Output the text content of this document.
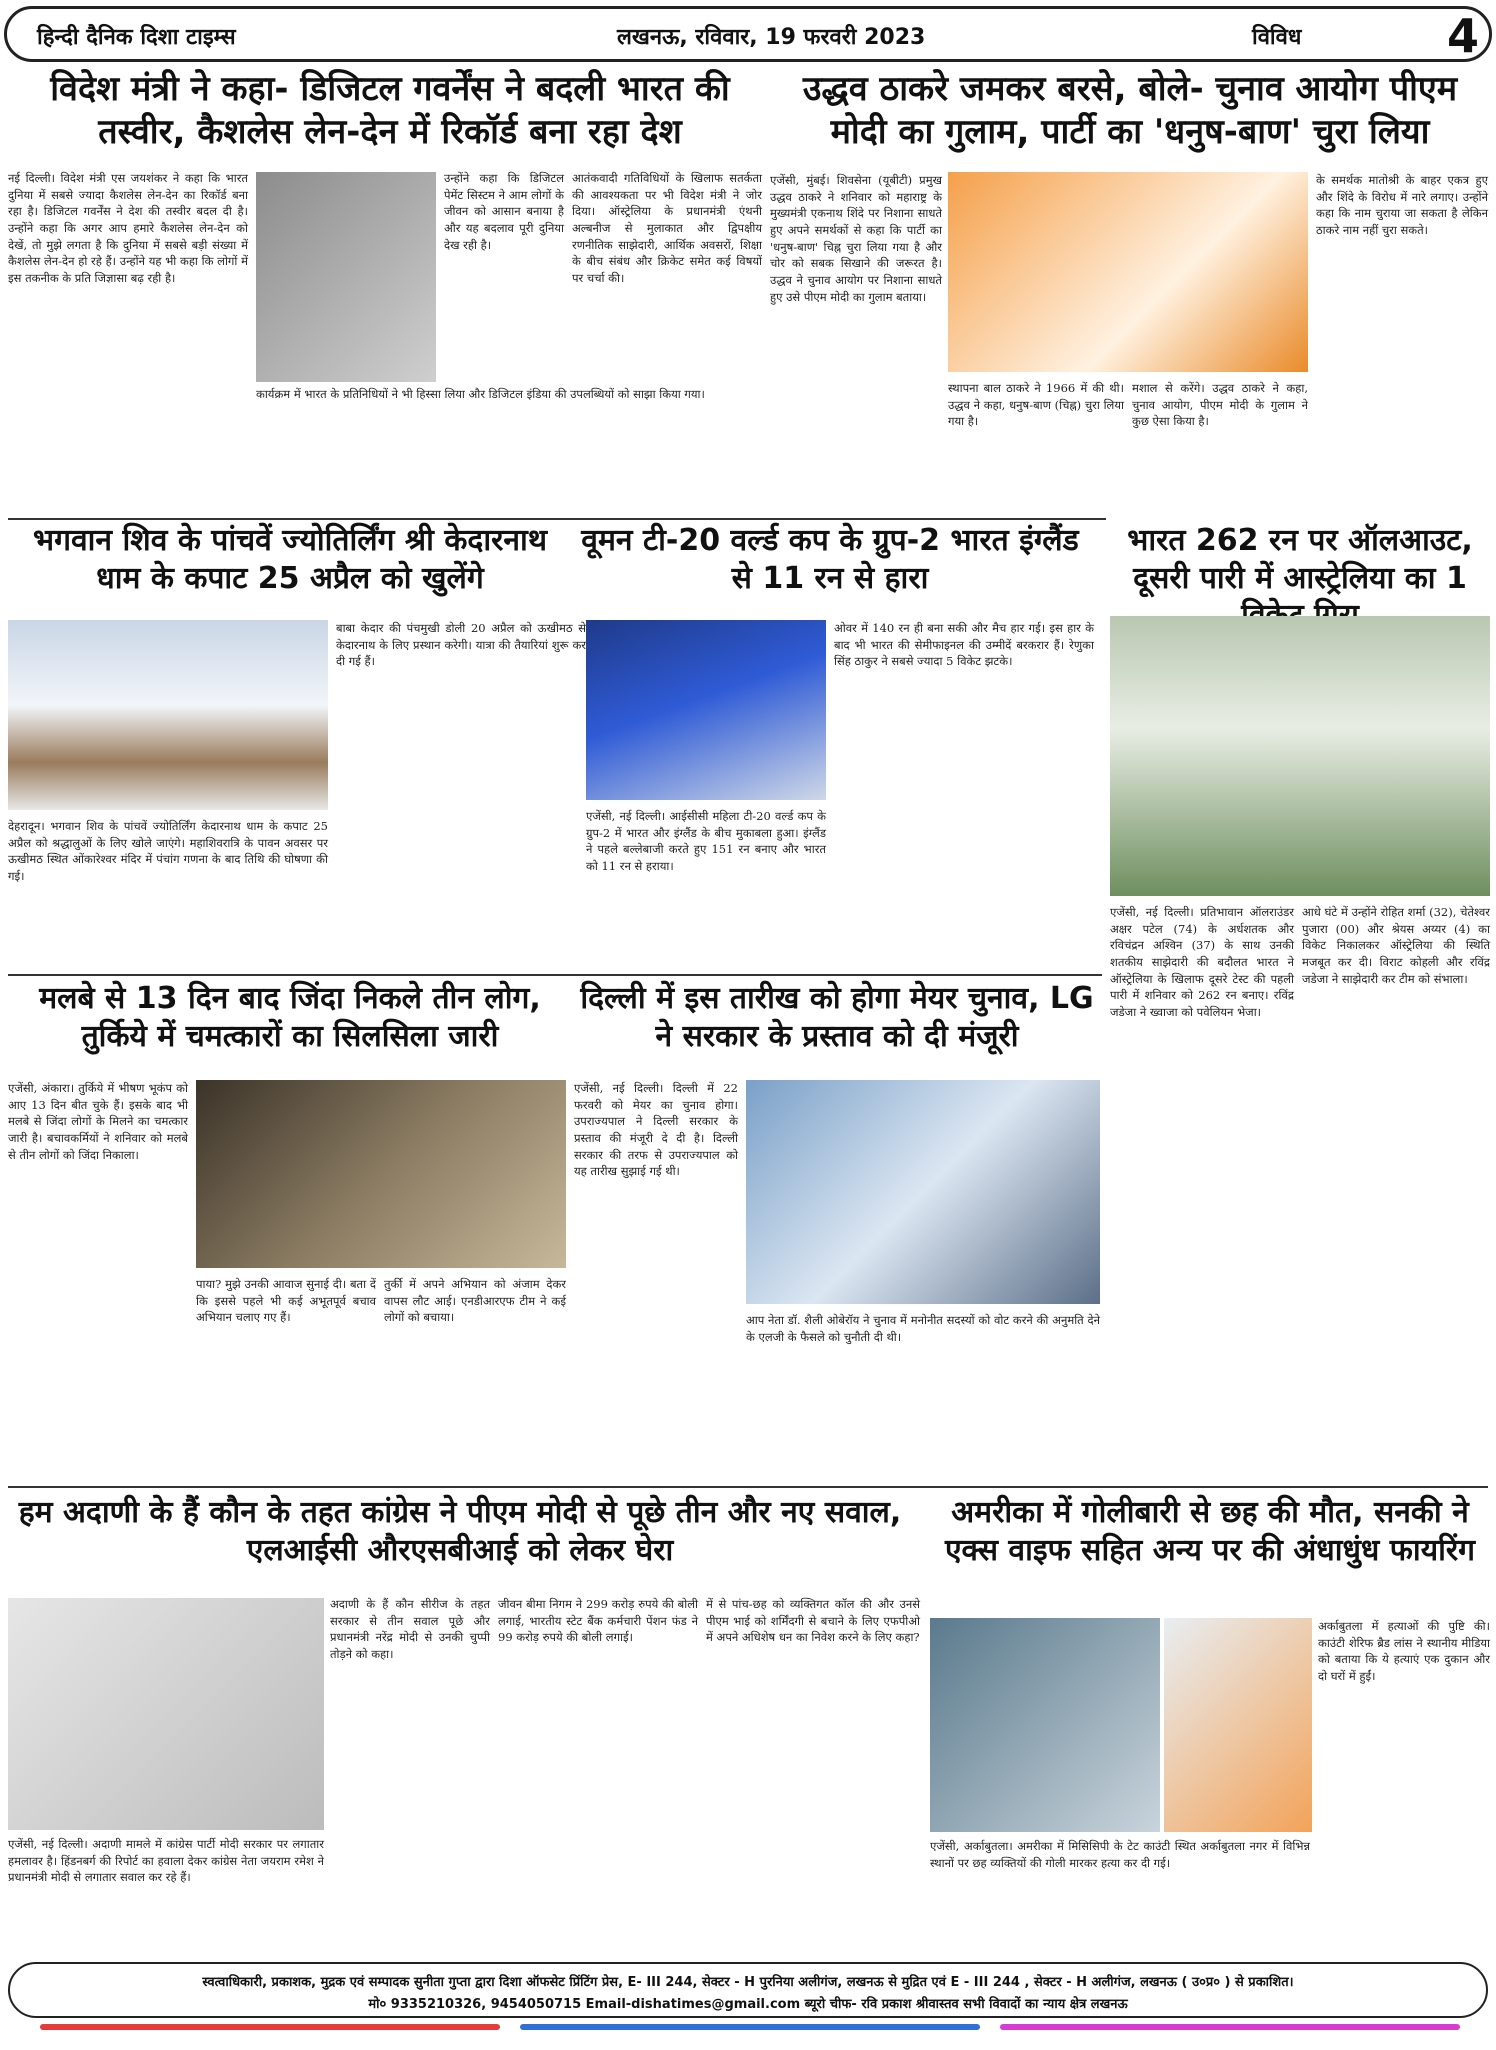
हिन्दी दैनिक दिशा टाइम्स	लखनऊ, रविवार, 19 फरवरी 2023	विविध	4
विदेश मंत्री ने कहा- डिजिटल गवर्नेंस ने बदली भारत की तस्वीर, कैशलेस लेन-देन में रिकॉर्ड बना रहा देश
नई दिल्ली। विदेश मंत्री एस जयशंकर ने कहा कि भारत दुनिया में सबसे ज्यादा कैशलेस लेन-देन का रिकॉर्ड बना रहा है। डिजिटल गवर्नेंस ने देश की तस्वीर बदल दी है। उन्होंने कहा कि अगर आप हमारे कैशलेस लेन-देन को देखें, तो मुझे लगता है कि दुनिया में सबसे बड़ी संख्या में कैशलेस लेन-देन हो रहे हैं। उन्होंने यह भी कहा कि लोगों में इस तकनीक के प्रति जिज्ञासा बढ़ रही है।
उन्होंने कहा कि डिजिटल पेमेंट सिस्टम ने आम लोगों के जीवन को आसान बनाया है और यह बदलाव पूरी दुनिया देख रही है।
आतंकवादी गतिविधियों के खिलाफ सतर्कता की आवश्यकता पर भी विदेश मंत्री ने जोर दिया। ऑस्ट्रेलिया के प्रधानमंत्री एंथनी अल्बनीज से मुलाकात और द्विपक्षीय रणनीतिक साझेदारी, आर्थिक अवसरों, शिक्षा के बीच संबंध और क्रिकेट समेत कई विषयों पर चर्चा की।
कार्यक्रम में भारत के प्रतिनिधियों ने भी हिस्सा लिया और डिजिटल इंडिया की उपलब्धियों को साझा किया गया।
उद्धव ठाकरे जमकर बरसे, बोले- चुनाव आयोग पीएम मोदी का गुलाम, पार्टी का 'धनुष-बाण' चुरा लिया
एजेंसी, मुंबई। शिवसेना (यूबीटी) प्रमुख उद्धव ठाकरे ने शनिवार को महाराष्ट्र के मुख्यमंत्री एकनाथ शिंदे पर निशाना साधते हुए अपने समर्थकों से कहा कि पार्टी का 'धनुष-बाण' चिह्न चुरा लिया गया है और चोर को सबक सिखाने की जरूरत है। उद्धव ने चुनाव आयोग पर निशाना साधते हुए उसे पीएम मोदी का गुलाम बताया।
स्थापना बाल ठाकरे ने 1966 में की थी। उद्धव ने कहा, धनुष-बाण (चिह्न) चुरा लिया गया है।
मशाल से करेंगे। उद्धव ठाकरे ने कहा, चुनाव आयोग, पीएम मोदी के गुलाम ने कुछ ऐसा किया है।
के समर्थक मातोश्री के बाहर एकत्र हुए और शिंदे के विरोध में नारे लगाए। उन्होंने कहा कि नाम चुराया जा सकता है लेकिन ठाकरे नाम नहीं चुरा सकते।
भगवान शिव के पांचवें ज्योतिर्लिंग श्री केदारनाथ धाम के कपाट 25 अप्रैल को खुलेंगे
बाबा केदार की पंचमुखी डोली 20 अप्रैल को ऊखीमठ से केदारनाथ के लिए प्रस्थान करेगी। यात्रा की तैयारियां शुरू कर दी गई हैं।
देहरादून। भगवान शिव के पांचवें ज्योतिर्लिंग केदारनाथ धाम के कपाट 25 अप्रैल को श्रद्धालुओं के लिए खोले जाएंगे। महाशिवरात्रि के पावन अवसर पर ऊखीमठ स्थित ओंकारेश्वर मंदिर में पंचांग गणना के बाद तिथि की घोषणा की गई।
वूमन टी-20 वर्ल्ड कप के ग्रुप-2 भारत इंग्लैंड से 11 रन से हारा
एजेंसी, नई दिल्ली। आईसीसी महिला टी-20 वर्ल्ड कप के ग्रुप-2 में भारत और इंग्लैंड के बीच मुकाबला हुआ। इंग्लैंड ने पहले बल्लेबाजी करते हुए 151 रन बनाए और भारत को 11 रन से हराया।
ओवर में 140 रन ही बना सकी और मैच हार गई। इस हार के बाद भी भारत की सेमीफाइनल की उम्मीदें बरकरार हैं। रेणुका सिंह ठाकुर ने सबसे ज्यादा 5 विकेट झटके।
भारत 262 रन पर ऑलआउट, दूसरी पारी में आस्ट्रेलिया का 1
एजेंसी, नई दिल्ली। प्रतिभावान ऑलराउंडर अक्षर पटेल (74) के अर्धशतक और रविचंद्रन अश्विन (37) के साथ उनकी शतकीय साझेदारी की बदौलत भारत ने ऑस्ट्रेलिया के खिलाफ दूसरे टेस्ट की पहली पारी में शनिवार को 262 रन बनाए। रविंद्र जडेजा ने ख्वाजा को पवेलियन भेजा।
आधे घंटे में उन्होंने रोहित शर्मा (32), चेतेश्वर पुजारा (00) और श्रेयस अय्यर (4) का विकेट निकालकर ऑस्ट्रेलिया की स्थिति मजबूत कर दी। विराट कोहली और रविंद्र जडेजा ने साझेदारी कर टीम को संभाला।
मलबे से 13 दिन बाद जिंदा निकले तीन लोग, तुर्किये में चमत्कारों का सिलसिला जारी
एजेंसी, अंकारा। तुर्किये में भीषण भूकंप को आए 13 दिन बीत चुके हैं। इसके बाद भी मलबे से जिंदा लोगों के मिलने का चमत्कार जारी है। बचावकर्मियों ने शनिवार को मलबे से तीन लोगों को जिंदा निकाला।
पाया? मुझे उनकी आवाज सुनाई दी। बता दें कि इससे पहले भी कई अभूतपूर्व बचाव अभियान चलाए गए हैं।
तुर्की में अपने अभियान को अंजाम देकर वापस लौट आई। एनडीआरएफ टीम ने कई लोगों को बचाया।
दिल्ली में इस तारीख को होगा मेयर चुनाव, LG ने सरकार के प्रस्ताव को दी मंजूरी
एजेंसी, नई दिल्ली। दिल्ली में 22 फरवरी को मेयर का चुनाव होगा। उपराज्यपाल ने दिल्ली सरकार के प्रस्ताव की मंजूरी दे दी है। दिल्ली सरकार की तरफ से उपराज्यपाल को यह तारीख सुझाई गई थी।
आप नेता डॉ. शैली ओबेरॉय ने चुनाव में मनोनीत सदस्यों को वोट करने की अनुमति देने के एलजी के फैसले को चुनौती दी थी।
हम अदाणी के हैं कौन के तहत कांग्रेस ने पीएम मोदी से पूछे तीन और नए सवाल, एलआईसी औरएसबीआई को लेकर घेरा
एजेंसी, नई दिल्ली। अदाणी मामले में कांग्रेस पार्टी मोदी सरकार पर लगातार हमलावर है। हिंडनबर्ग की रिपोर्ट का हवाला देकर कांग्रेस नेता जयराम रमेश ने प्रधानमंत्री मोदी से लगातार सवाल कर रहे हैं।
अदाणी के हैं कौन सीरीज के तहत सरकार से तीन सवाल पूछे और प्रधानमंत्री नरेंद्र मोदी से उनकी चुप्पी तोड़ने को कहा।
जीवन बीमा निगम ने 299 करोड़ रुपये की बोली लगाई, भारतीय स्टेट बैंक कर्मचारी पेंशन फंड ने 99 करोड़ रुपये की बोली लगाई।
में से पांच-छह को व्यक्तिगत कॉल की और उनसे पीएम भाई को शर्मिंदगी से बचाने के लिए एफपीओ में अपने अधिशेष धन का निवेश करने के लिए कहा?
अमरीका में गोलीबारी से छह की मौत, सनकी ने एक्स वाइफ सहित अन्य पर की अंधाधुंध फायरिंग
एजेंसी, अर्काबुतला। अमरीका में मिसिसिपी के टेट काउंटी स्थित अर्काबुतला नगर में विभिन्न स्थानों पर छह व्यक्तियों की गोली मारकर हत्या कर दी गई।
अर्काबुतला में हत्याओं की पुष्टि की। काउंटी शेरिफ ब्रैड लांस ने स्थानीय मीडिया को बताया कि ये हत्याएं एक दुकान और दो घरों में हुईं।
स्वत्वाधिकारी, प्रकाशक, मुद्रक एवं सम्पादक सुनीता गुप्ता द्वारा दिशा ऑफसेट प्रिंटिंग प्रेस, E- III 244, सेक्टर - H पुरनिया अलीगंज, लखनऊ से मुद्रित एवं E - III 244 , सेक्टर - H अलीगंज, लखनऊ ( उ०प्र० ) से प्रकाशित।
मो० 9335210326, 9454050715 Email-dishatimes@gmail.com ब्यूरो चीफ- रवि प्रकाश श्रीवास्तव सभी विवादों का न्याय क्षेत्र लखनऊ
